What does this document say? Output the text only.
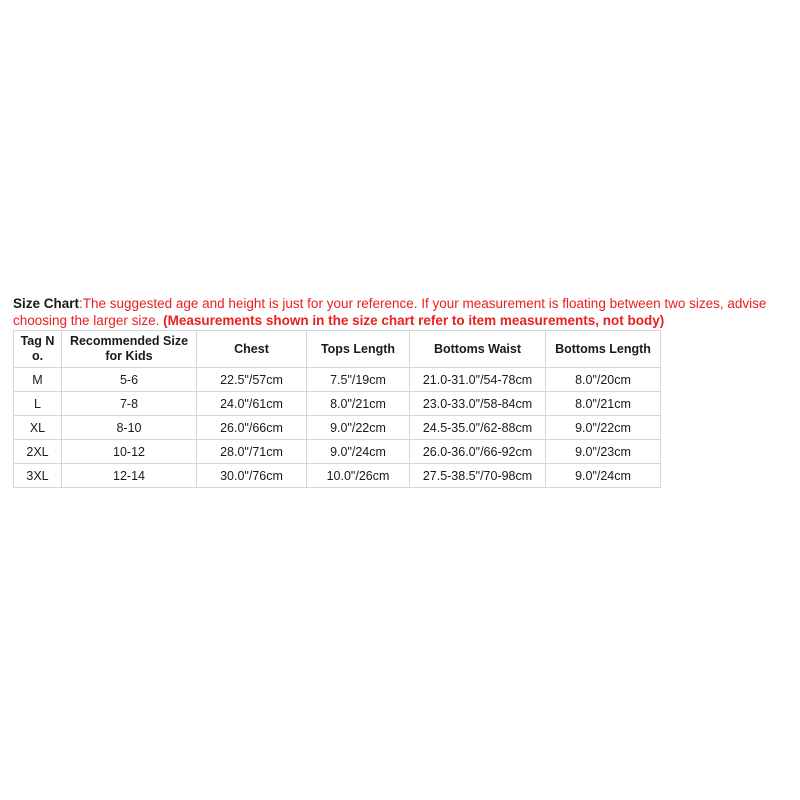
Size Chart:The suggested age and height is just for your reference. If your measurement is floating between two sizes, advise choosing the larger size. (Measurements shown in the size chart refer to item measurements, not body)

Tag N o.	Recommended Size for Kids	Chest	Tops Length	Bottoms Waist	Bottoms Length
M	5-6	22.5"/57cm	7.5"/19cm	21.0-31.0"/54-78cm	8.0"/20cm
L	7-8	24.0"/61cm	8.0"/21cm	23.0-33.0"/58-84cm	8.0"/21cm
XL	8-10	26.0"/66cm	9.0"/22cm	24.5-35.0"/62-88cm	9.0"/22cm
2XL	10-12	28.0"/71cm	9.0"/24cm	26.0-36.0"/66-92cm	9.0"/23cm
3XL	12-14	30.0"/76cm	10.0"/26cm	27.5-38.5"/70-98cm	9.0"/24cm
